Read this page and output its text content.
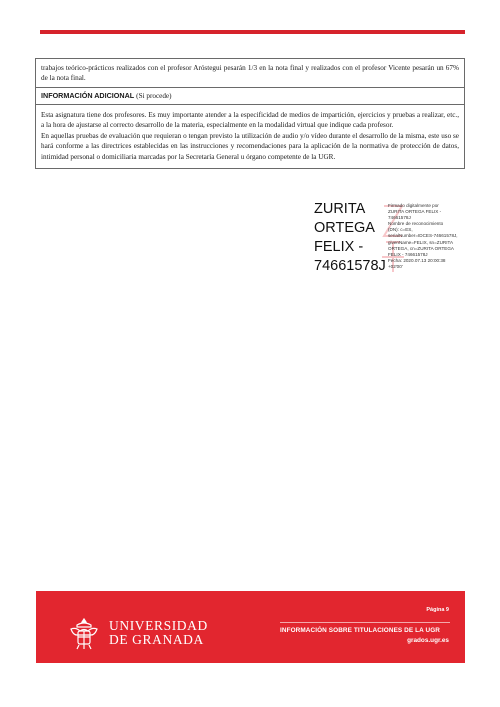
trabajos teórico-prácticos realizados con el profesor Aróstegui pesarán 1/3 en la nota final y realizados con el profesor Vicente pesarán un 67% de la nota final.
INFORMACIÓN ADICIONAL (Si procede)

Esta asignatura tiene dos profesores. Es muy importante atender a la especificidad de medios de impartición, ejercicios y pruebas a realizar, etc., a la hora de ajustarse al correcto desarrollo de la materia, especialmente en la modalidad virtual que indique cada profesor.

En aquellas pruebas de evaluación que requieran o tengan previsto la utilización de audio y/o vídeo durante el desarrollo de la misma, este uso se hará conforme a las directrices establecidas en las instrucciones y recomendaciones para la aplicación de la normativa de protección de datos, intimidad personal o domiciliaria marcadas por la Secretaría General u órgano competente de la UGR.

ZURITA
ORTEGA
FELIX -
74661578J
Firmado digitalmente por
ZURITA ORTEGA FELIX -
74661578J
Nombre de reconocimiento
(DN): c=ES,
serialNumber=IDCES-74661578J,
givenName=FELIX, sn=ZURITA
ORTEGA, cn=ZURITA ORTEGA
FELIX - 74661578J
Fecha: 2020.07.13 20:00:38
+02'00'
UNIVERSIDAD
DE GRANADA
Página 9
INFORMACIÓN SOBRE TITULACIONES DE LA UGR
grados.ugr.es
